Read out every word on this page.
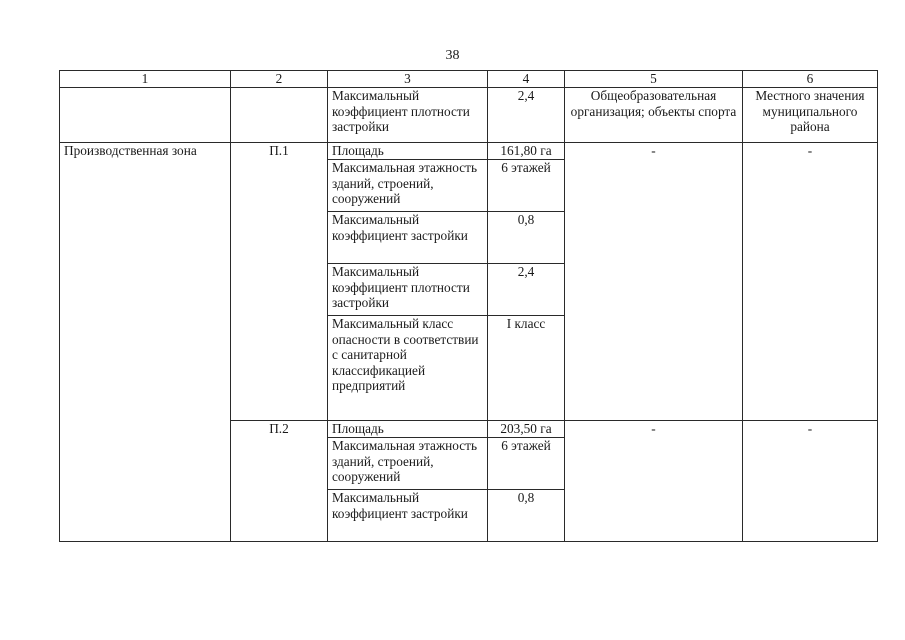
38
1	2	3	4	5	6
		Максимальный коэффициент плотности застройки	2,4	Общеобразовательная организация; объекты спорта	Местного значения муниципального района
Производственная зона	П.1	Площадь	161,80 га	-	-
		Максимальная этажность зданий, строений, сооружений	6 этажей		
		Максимальный коэффициент застройки	0,8		
		Максимальный коэффициент плотности застройки	2,4		
		Максимальный класс опасности в соответствии с санитарной классификацией предприятий	I класс		
	П.2	Площадь	203,50 га	-	-
		Максимальная этажность зданий, строений, сооружений	6 этажей		
		Максимальный коэффициент застройки	0,8		
